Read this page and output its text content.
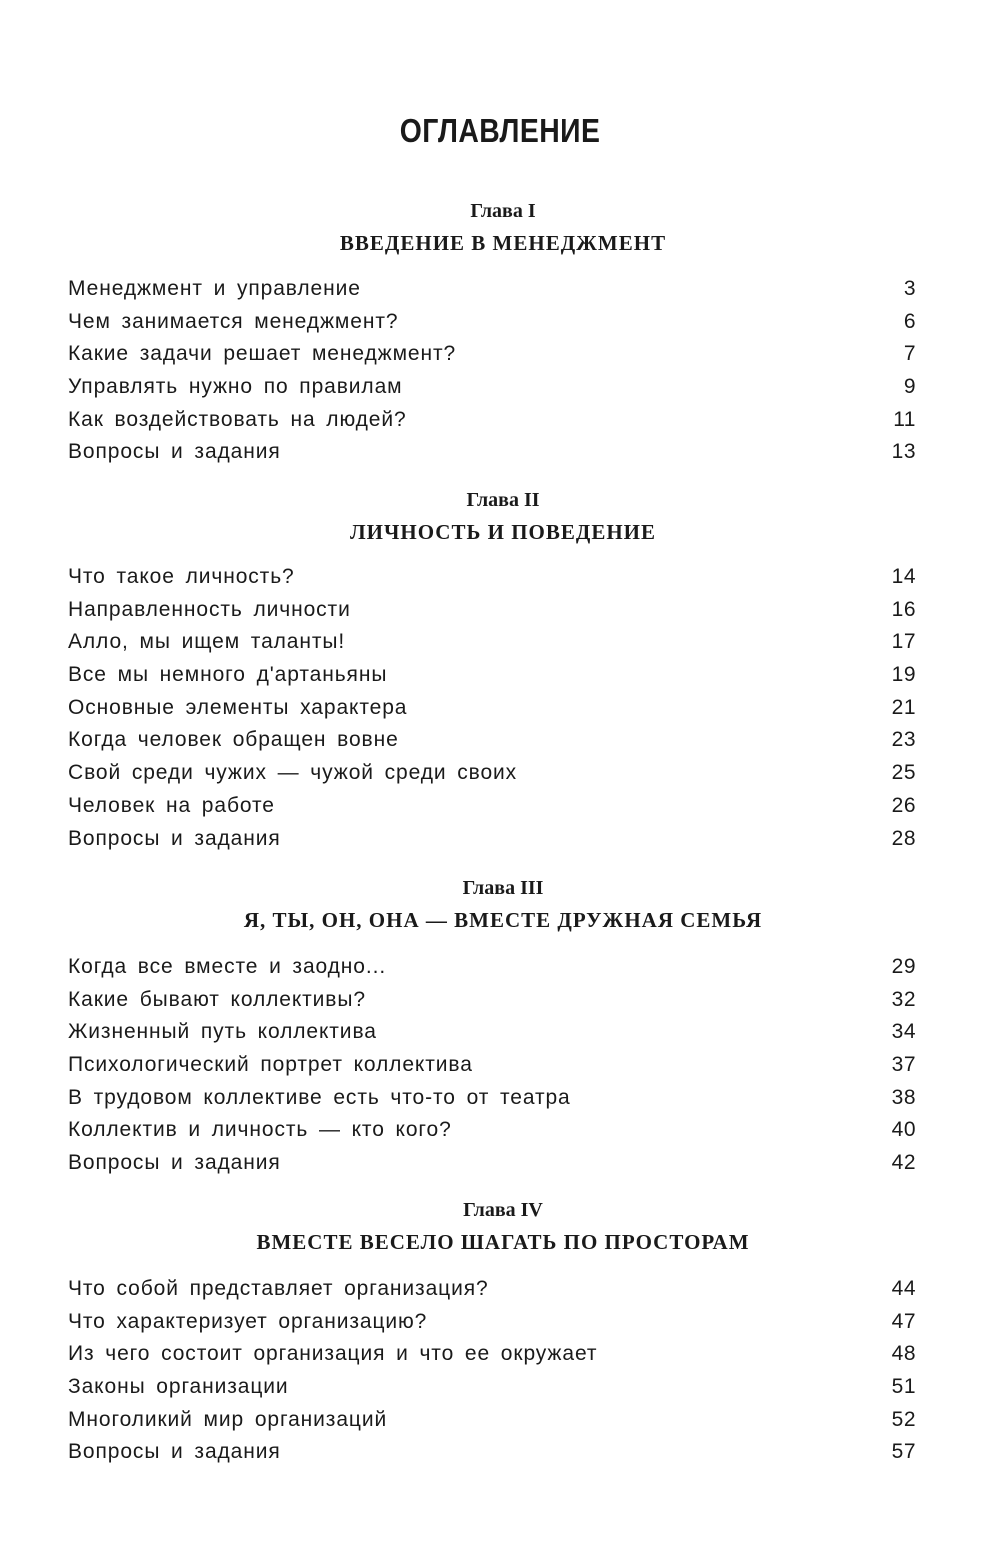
ОГЛАВЛЕНИЕ
Глава I
ВВЕДЕНИЕ В МЕНЕДЖМЕНТ
Менеджмент и управление	3
Чем занимается менеджмент?	6
Какие задачи решает менеджмент?	7
Управлять нужно по правилам	9
Как воздействовать на людей?	11
Вопросы и задания	13
Глава II
ЛИЧНОСТЬ И ПОВЕДЕНИЕ
Что такое личность?	14
Направленность личности	16
Алло, мы ищем таланты!	17
Все мы немного д'артаньяны	19
Основные элементы характера	21
Когда человек обращен вовне	23
Свой среди чужих — чужой среди своих	25
Человек на работе	26
Вопросы и задания	28
Глава III
Я, ТЫ, ОН, ОНА — ВМЕСТЕ ДРУЖНАЯ СЕМЬЯ
Когда все вместе и заодно...	29
Какие бывают коллективы?	32
Жизненный путь коллектива	34
Психологический портрет коллектива	37
В трудовом коллективе есть что-то от театра	38
Коллектив и личность — кто кого?	40
Вопросы и задания	42
Глава IV
ВМЕСТЕ ВЕСЕЛО ШАГАТЬ ПО ПРОСТОРАМ
Что собой представляет организация?	44
Что характеризует организацию?	47
Из чего состоит организация и что ее окружает	48
Законы организации	51
Многоликий мир организаций	52
Вопросы и задания	57
